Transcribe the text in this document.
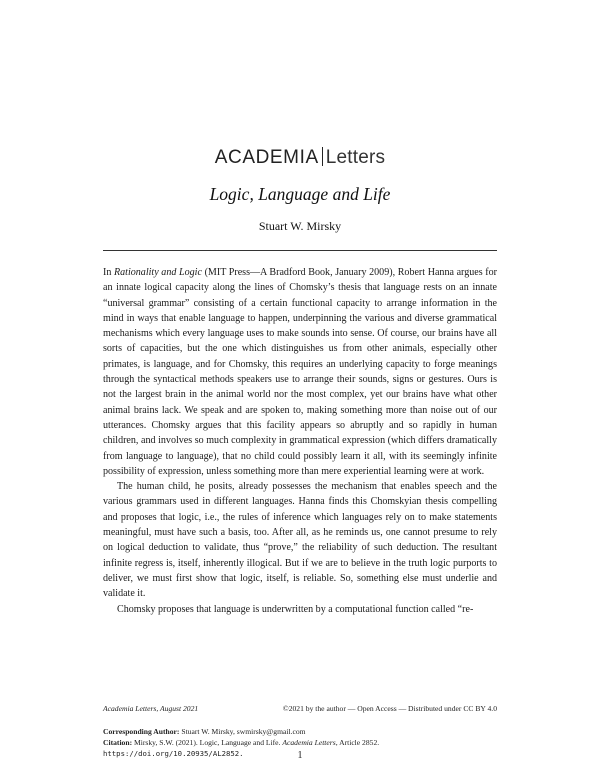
ACADEMIA Letters
Logic, Language and Life
Stuart W. Mirsky

In Rationality and Logic (MIT Press—A Bradford Book, January 2009), Robert Hanna argues for an innate logical capacity along the lines of Chomsky’s thesis that language rests on an innate “universal grammar” consisting of a certain functional capacity to arrange information in the mind in ways that enable language to happen, underpinning the various and diverse grammatical mechanisms which every language uses to make sounds into sense. Of course, our brains have all sorts of capacities, but the one which distinguishes us from other animals, especially other primates, is language, and for Chomsky, this requires an underlying capacity to forge meanings through the syntactical methods speakers use to arrange their sounds, signs or gestures. Ours is not the largest brain in the animal world nor the most complex, yet our brains have what other animal brains lack. We speak and are spoken to, making something more than noise out of our utterances. Chomsky argues that this facility appears so abruptly and so rapidly in human children, and involves so much complexity in grammatical expression (which differs dramatically from language to language), that no child could possibly learn it all, with its seemingly infinite possibility of expression, unless something more than mere experiential learning were at work.

The human child, he posits, already possesses the mechanism that enables speech and the various grammars used in different languages. Hanna finds this Chomskyian thesis compelling and proposes that logic, i.e., the rules of inference which languages rely on to make statements meaningful, must have such a basis, too. After all, as he reminds us, one cannot presume to rely on logical deduction to validate, thus “prove,” the reliability of such deduction. The resultant infinite regress is, itself, inherently illogical. But if we are to believe in the truth logic purports to deliver, we must first show that logic, itself, is reliable. So, something else must underlie and validate it.

Chomsky proposes that language is underwritten by a computational function called “re-

Academia Letters, August 2021	©2021 by the author — Open Access — Distributed under CC BY 4.0
Corresponding Author: Stuart W. Mirsky, swmirsky@gmail.com
Citation: Mirsky, S.W. (2021). Logic, Language and Life. Academia Letters, Article 2852.
https://doi.org/10.20935/AL2852.	1
